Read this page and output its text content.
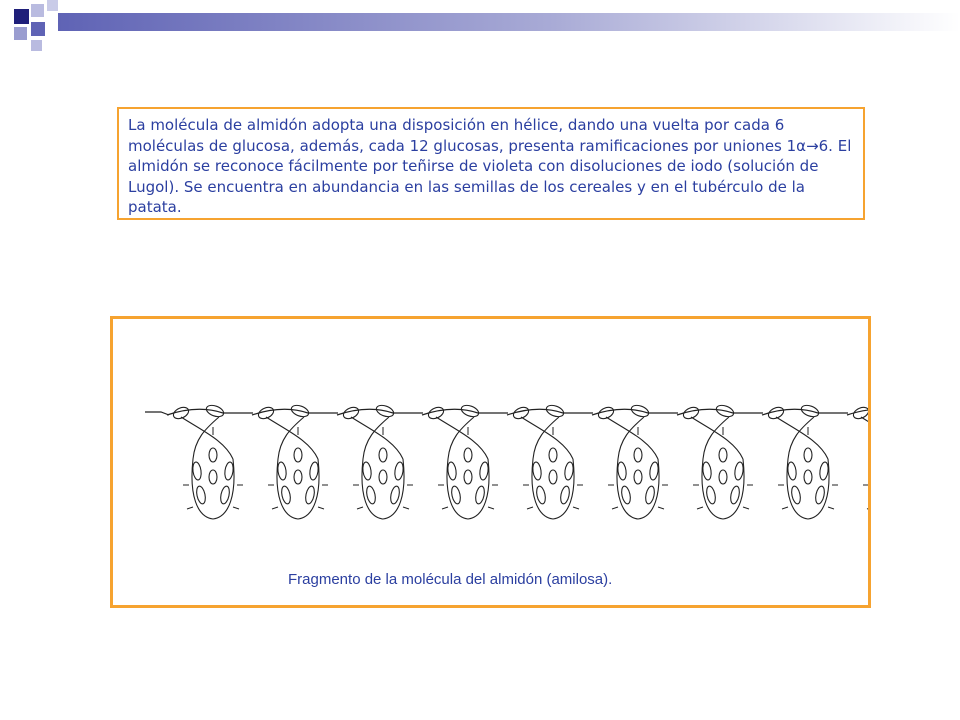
La molécula de almidón adopta una disposición en hélice, dando una vuelta por cada 6 moléculas de glucosa, además, cada 12 glucosas, presenta ramificaciones por uniones 1α→6. El almidón se reconoce fácilmente por teñirse de violeta con disoluciones de iodo (solución de Lugol). Se encuentra en abundancia en las semillas de los cereales y en el tubérculo de la patata.
Fragmento de la molécula del almidón (amilosa).
